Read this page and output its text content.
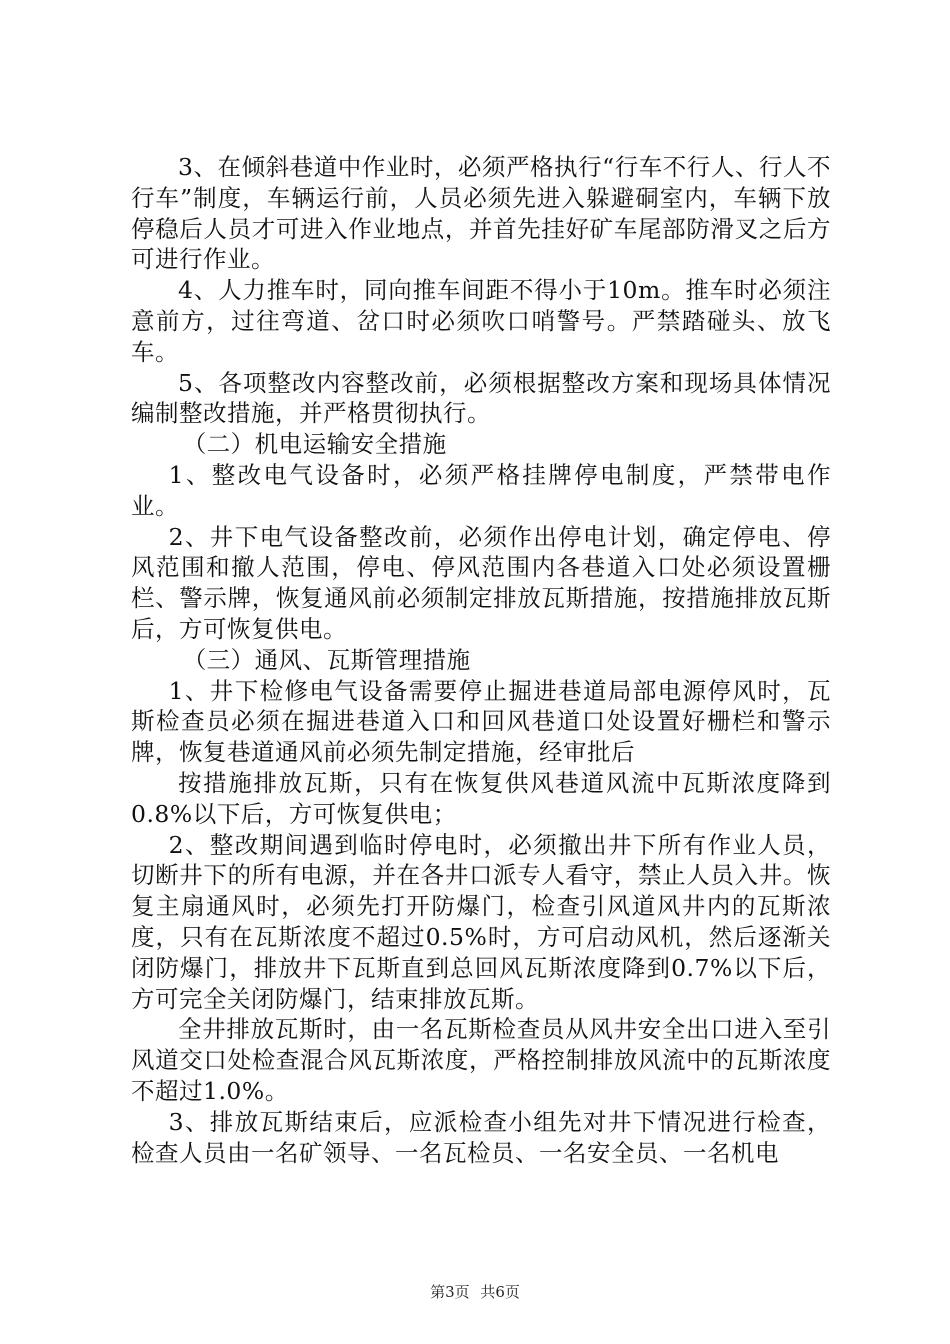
3、在倾斜巷道中作业时，必须严格执行“行车不行人、行人不行车”制度，车辆运行前，人员必须先进入躲避硐室内，车辆下放停稳后人员才可进入作业地点，并首先挂好矿车尾部防滑叉之后方可进行作业。

4、人力推车时，同向推车间距不得小于10m。推车时必须注意前方，过往弯道、岔口时必须吹口哨警号。严禁踏碰头、放飞车。

5、各项整改内容整改前，必须根据整改方案和现场具体情况编制整改措施，并严格贯彻执行。

（二）机电运输安全措施

1、整改电气设备时，必须严格挂牌停电制度，严禁带电作业。

2、井下电气设备整改前，必须作出停电计划，确定停电、停风范围和撤人范围，停电、停风范围内各巷道入口处必须设置栅栏、警示牌，恢复通风前必须制定排放瓦斯措施，按措施排放瓦斯后，方可恢复供电。

（三）通风、瓦斯管理措施

1、井下检修电气设备需要停止掘进巷道局部电源停风时，瓦斯检查员必须在掘进巷道入口和回风巷道口处设置好栅栏和警示牌，恢复巷道通风前必须先制定措施，经审批后

按措施排放瓦斯，只有在恢复供风巷道风流中瓦斯浓度降到0.8%以下后，方可恢复供电；

2、整改期间遇到临时停电时，必须撤出井下所有作业人员，切断井下的所有电源，并在各井口派专人看守，禁止人员入井。恢复主扇通风时，必须先打开防爆门，检查引风道风井内的瓦斯浓度，只有在瓦斯浓度不超过0.5%时，方可启动风机，然后逐渐关闭防爆门，排放井下瓦斯直到总回风瓦斯浓度降到0.7%以下后，方可完全关闭防爆门，结束排放瓦斯。

全井排放瓦斯时，由一名瓦斯检查员从风井安全出口进入至引风道交口处检查混合风瓦斯浓度，严格控制排放风流中的瓦斯浓度不超过1.0%。

3、排放瓦斯结束后，应派检查小组先对井下情况进行检查，检查人员由一名矿领导、一名瓦检员、一名安全员、一名机电

第3页 共6页
